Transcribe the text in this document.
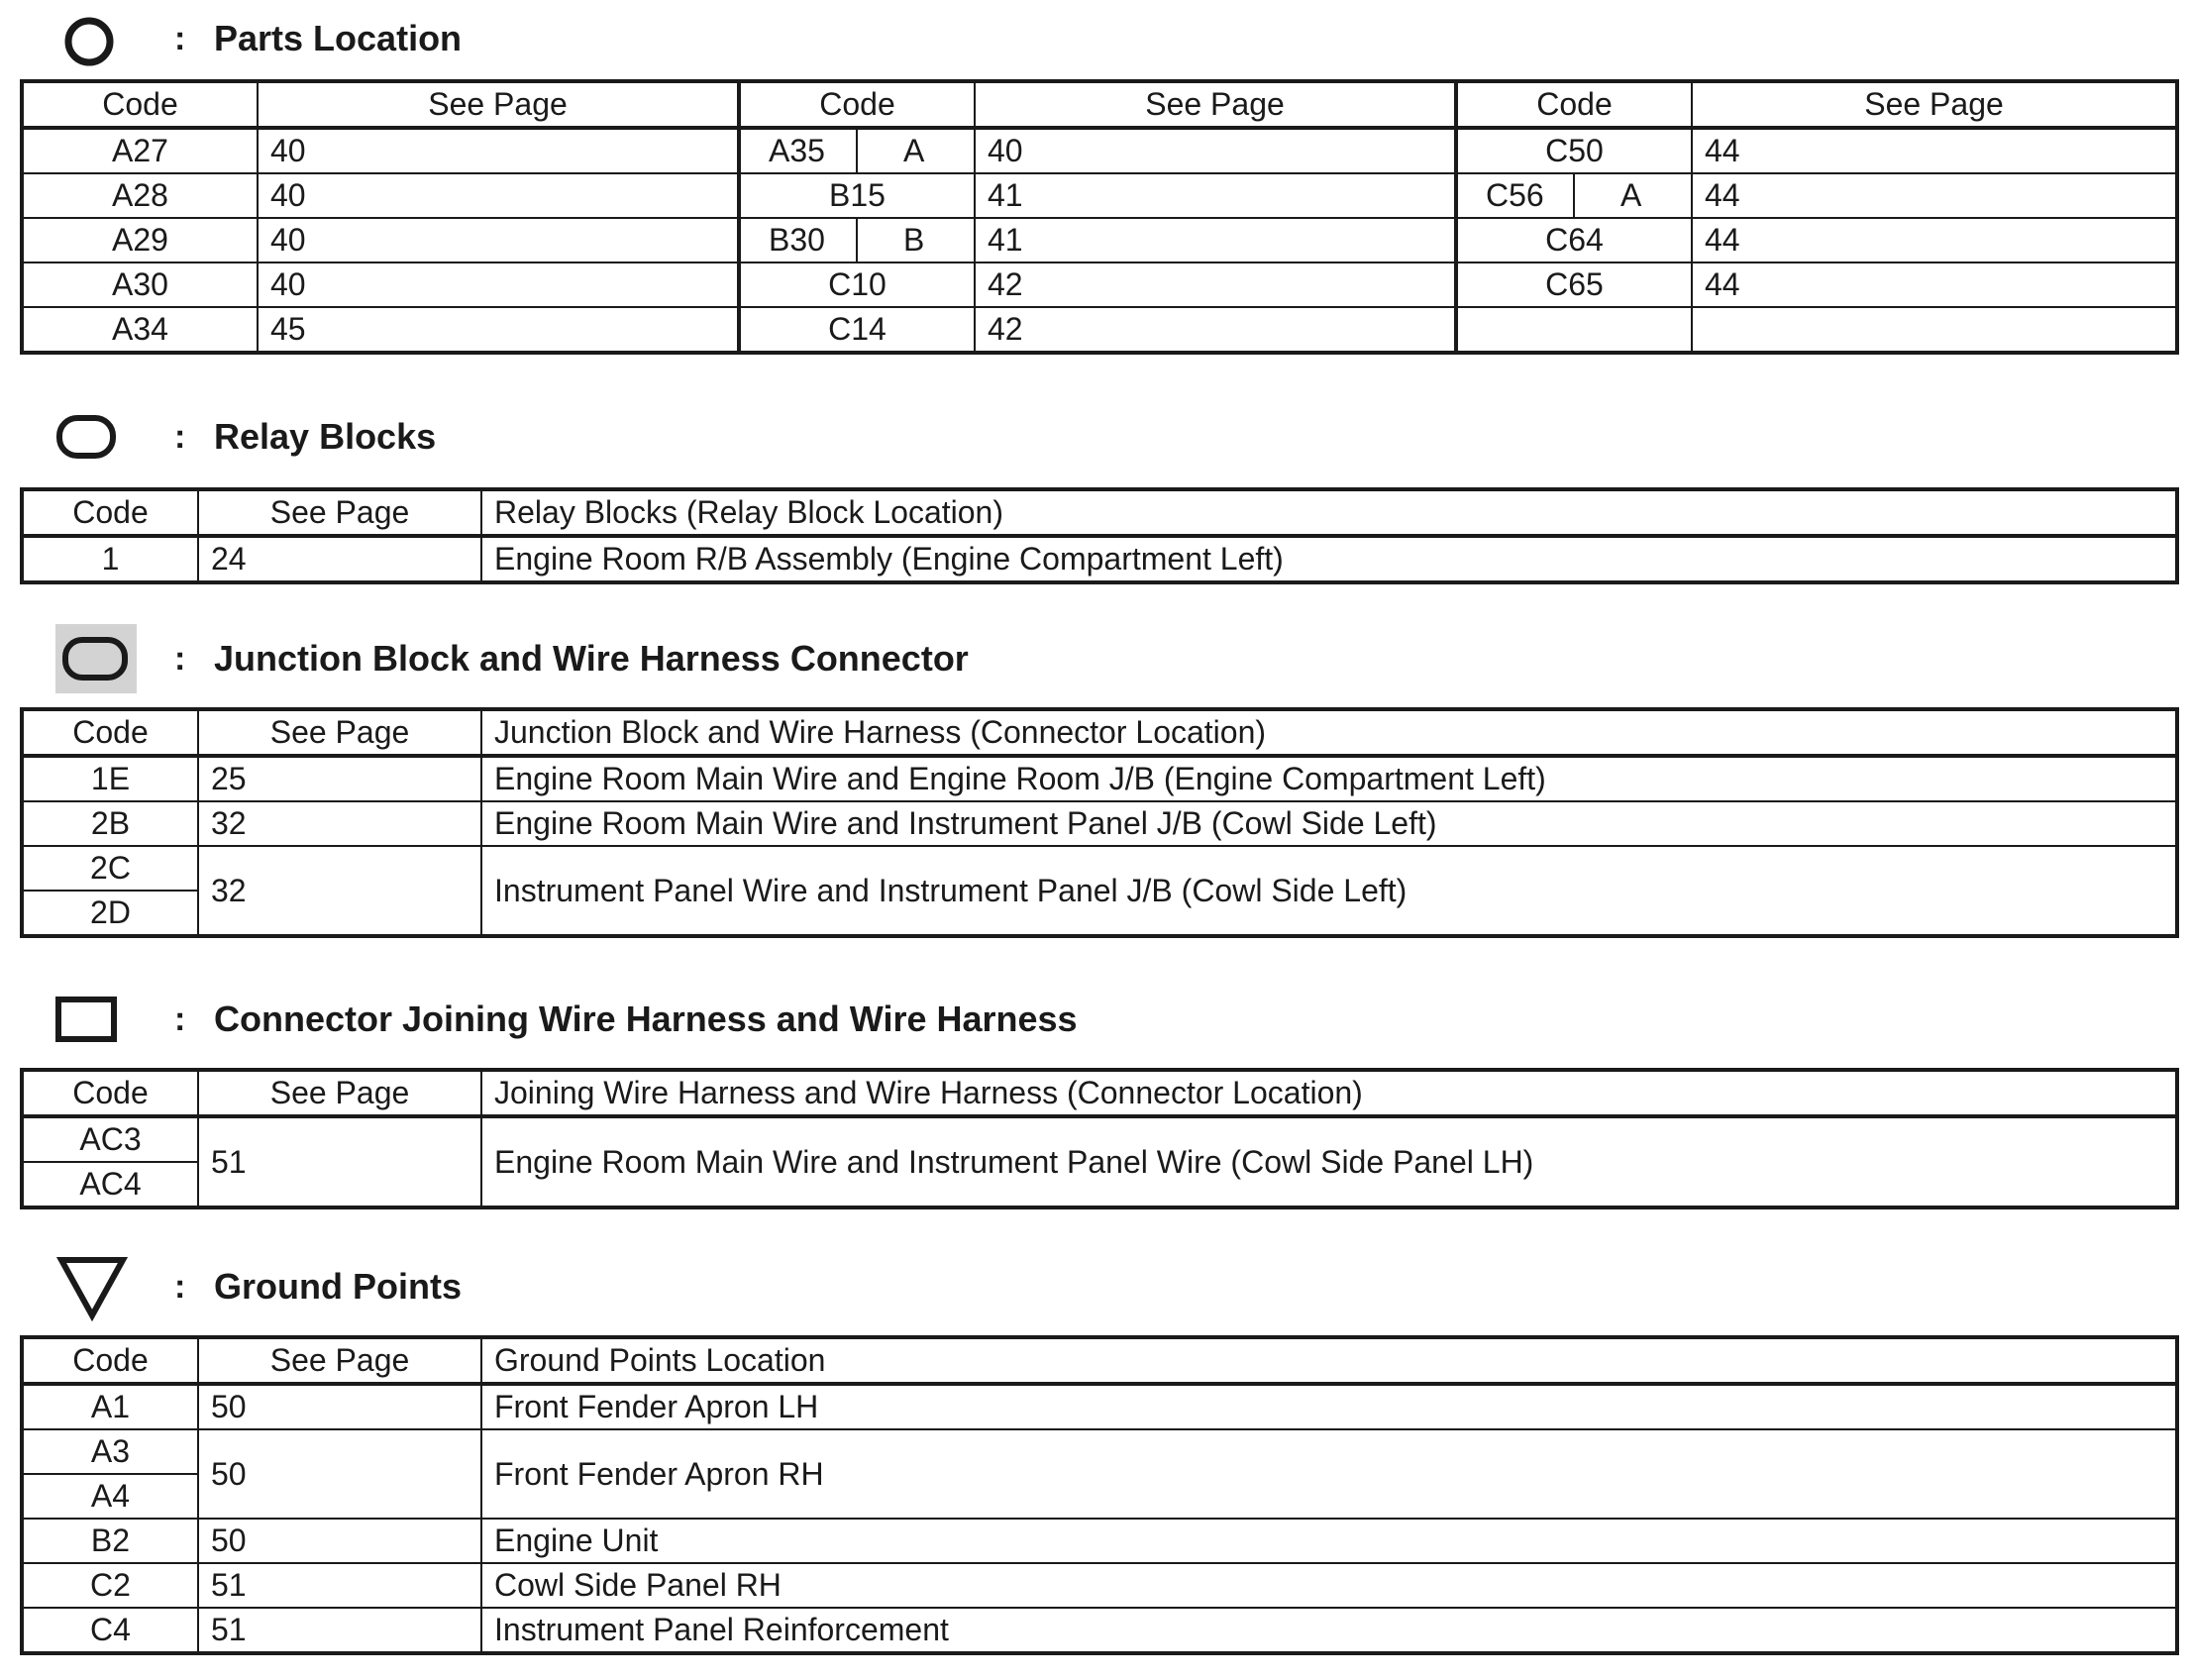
: Parts Location
Code	See Page	Code	See Page	Code	See Page
A27	40	A35 A	40	C50	44
A28	40	B15	41	C56 A	44
A29	40	B30 B	41	C64	44
A30	40	C10	42	C65	44
A34	45	C14	42		
: Relay Blocks
Code	See Page	Relay Blocks (Relay Block Location)
1	24	Engine Room R/B Assembly (Engine Compartment Left)
: Junction Block and Wire Harness Connector
Code	See Page	Junction Block and Wire Harness (Connector Location)
1E	25	Engine Room Main Wire and Engine Room J/B (Engine Compartment Left)
2B	32	Engine Room Main Wire and Instrument Panel J/B (Cowl Side Left)
2C	32	Instrument Panel Wire and Instrument Panel J/B (Cowl Side Left)
2D		
: Connector Joining Wire Harness and Wire Harness
Code	See Page	Joining Wire Harness and Wire Harness (Connector Location)
AC3	51	Engine Room Main Wire and Instrument Panel Wire (Cowl Side Panel LH)
AC4		
: Ground Points
Code	See Page	Ground Points Location
A1	50	Front Fender Apron LH
A3	50	Front Fender Apron RH
A4		
B2	50	Engine Unit
C2	51	Cowl Side Panel RH
C4	51	Instrument Panel Reinforcement
